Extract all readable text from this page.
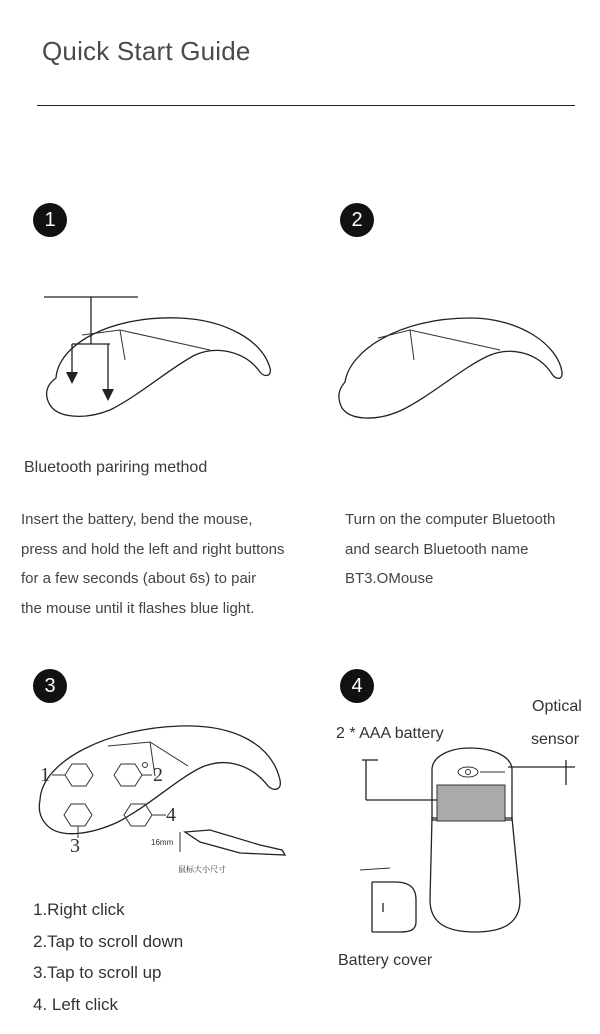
Quick Start Guide
1	2
3	4
Bluetooth pariring method
Insert the battery, bend the mouse,
press and hold the left and right buttons
for a few seconds (about 6s) to pair
the mouse until it flashes blue light.
Turn on the computer Bluetooth
and search Bluetooth name
BT3.OMouse
1	2
3
4
16mm
鼠标大小尺寸
1.Right click
2.Tap to scroll down
3.Tap to scroll up
4. Left click
2 * AAA battery
Optical
sensor
Battery cover
